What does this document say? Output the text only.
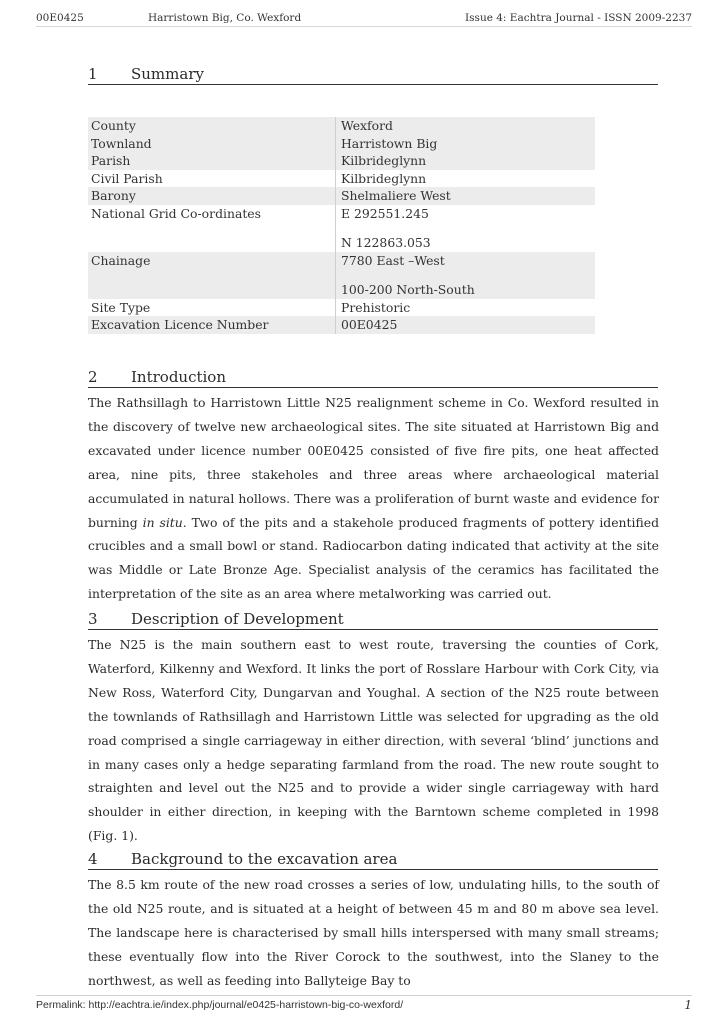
00E0425	Harristown Big, Co. Wexford	Issue 4: Eachtra Journal - ISSN 2009-2237
1 Summary
County	Wexford
Townland	Harristown Big
Parish	Kilbrideglynn
Civil Parish	Kilbrideglynn
Barony	Shelmaliere West
National Grid Co-ordinates	E 292551.245
N 122863.053
Chainage	7780 East –West
100-200 North-South
Site Type	Prehistoric
Excavation Licence Number	00E0425
2 Introduction

The Rathsillagh to Harristown Little N25 realignment scheme in Co. Wexford resulted in the discovery of twelve new archaeological sites. The site situated at Harristown Big and excavated under licence number 00E0425 consisted of five fire pits, one heat affected area, nine pits, three stakeholes and three areas where archaeological material accumulated in natural hollows. There was a proliferation of burnt waste and evidence for burning in situ. Two of the pits and a stakehole produced fragments of pottery identified crucibles and a small bowl or stand. Radiocarbon dating indicated that activity at the site was Middle or Late Bronze Age. Specialist analysis of the ceramics has facilitated the interpretation of the site as an area where metalworking was carried out.

3 Description of Development

The N25 is the main southern east to west route, traversing the counties of Cork, Waterford, Kilkenny and Wexford. It links the port of Rosslare Harbour with Cork City, via New Ross, Waterford City, Dungarvan and Youghal. A section of the N25 route between the townlands of Rathsillagh and Harristown Little was selected for upgrading as the old road comprised a single carriageway in either direction, with several ‘blind’ junctions and in many cases only a hedge separating farmland from the road. The new route sought to straighten and level out the N25 and to provide a wider single carriageway with hard shoulder in either direction, in keeping with the Barntown scheme completed in 1998 (Fig. 1).

4 Background to the excavation area

The 8.5 km route of the new road crosses a series of low, undulating hills, to the south of the old N25 route, and is situated at a height of between 45 m and 80 m above sea level. The landscape here is characterised by small hills interspersed with many small streams; these eventually flow into the River Corock to the southwest, into the Slaney to the northwest, as well as feeding into Ballyteige Bay to

Permalink: http://eachtra.ie/index.php/journal/e0425-harristown-big-co-wexford/	1
